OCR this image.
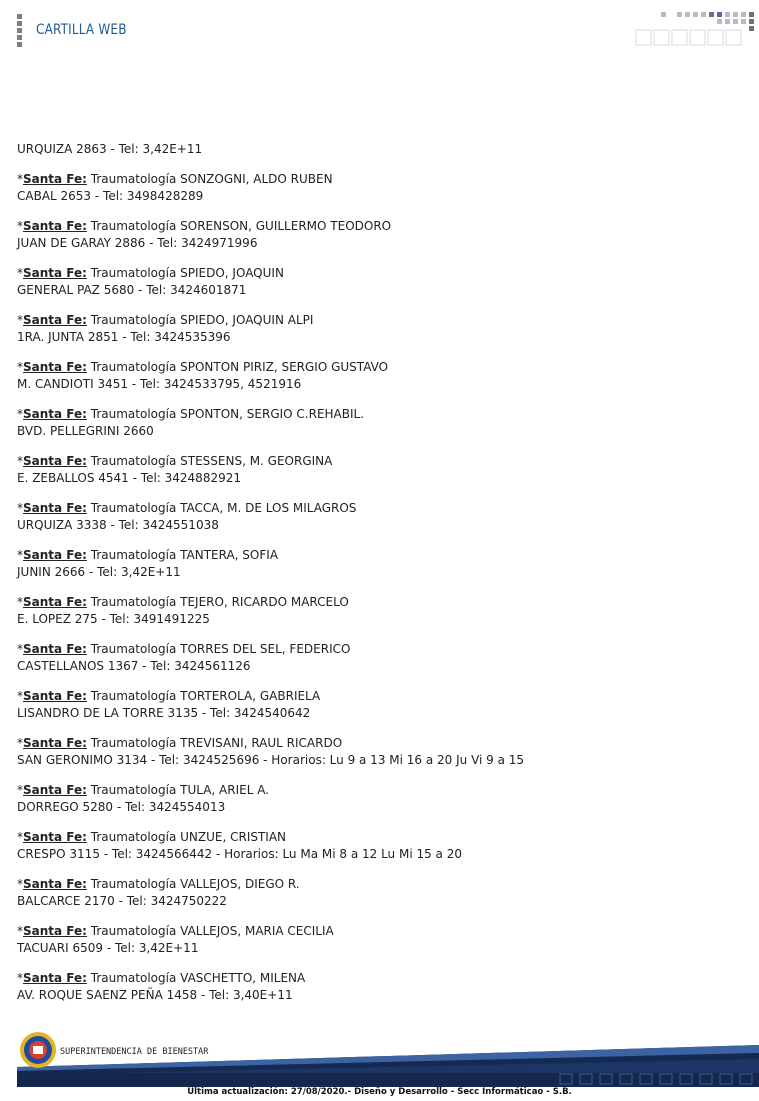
CARTILLA WEB
URQUIZA 2863 - Tel: 3,42E+11
*Santa Fe: Traumatología SONZOGNI, ALDO RUBEN
CABAL 2653 - Tel: 3498428289
*Santa Fe: Traumatología SORENSON, GUILLERMO TEODORO
JUAN DE GARAY 2886 - Tel: 3424971996
*Santa Fe: Traumatología SPIEDO, JOAQUIN
GENERAL PAZ 5680 - Tel: 3424601871
*Santa Fe: Traumatología SPIEDO, JOAQUIN ALPI
1RA. JUNTA 2851 - Tel: 3424535396
*Santa Fe: Traumatología SPONTON PIRIZ, SERGIO GUSTAVO
M. CANDIOTI 3451 - Tel: 3424533795, 4521916
*Santa Fe: Traumatología SPONTON, SERGIO C.REHABIL.
BVD. PELLEGRINI 2660
*Santa Fe: Traumatología STESSENS, M. GEORGINA
E. ZEBALLOS 4541 - Tel: 3424882921
*Santa Fe: Traumatología TACCA, M. DE LOS MILAGROS
URQUIZA 3338 - Tel: 3424551038
*Santa Fe: Traumatología TANTERA, SOFIA
JUNIN 2666 - Tel: 3,42E+11
*Santa Fe: Traumatología TEJERO, RICARDO MARCELO
E. LOPEZ 275 - Tel: 3491491225
*Santa Fe: Traumatología TORRES DEL SEL, FEDERICO
CASTELLANOS 1367 - Tel: 3424561126
*Santa Fe: Traumatología TORTEROLA, GABRIELA
LISANDRO DE LA TORRE 3135 - Tel: 3424540642
*Santa Fe: Traumatología TREVISANI, RAUL RICARDO
SAN GERONIMO 3134 - Tel: 3424525696 - Horarios: Lu 9 a 13 Mi 16 a 20 Ju Vi 9 a 15
*Santa Fe: Traumatología TULA, ARIEL A.
DORREGO 5280 - Tel: 3424554013
*Santa Fe: Traumatología UNZUE, CRISTIAN
CRESPO 3115 - Tel: 3424566442 - Horarios: Lu Ma Mi 8 a 12 Lu Mi 15 a 20
*Santa Fe: Traumatología VALLEJOS, DIEGO R.
BALCARCE 2170 - Tel: 3424750222
*Santa Fe: Traumatología VALLEJOS, MARIA CECILIA
TACUARI 6509 - Tel: 3,42E+11
*Santa Fe: Traumatología VASCHETTO, MILENA
AV. ROQUE SAENZ PEÑA 1458 - Tel: 3,40E+11
SUPERINTENDENCIA DE BIENESTAR
Última actualización: 27/08/2020.- Diseño y Desarrollo - Secc Informáticao - S.B.
